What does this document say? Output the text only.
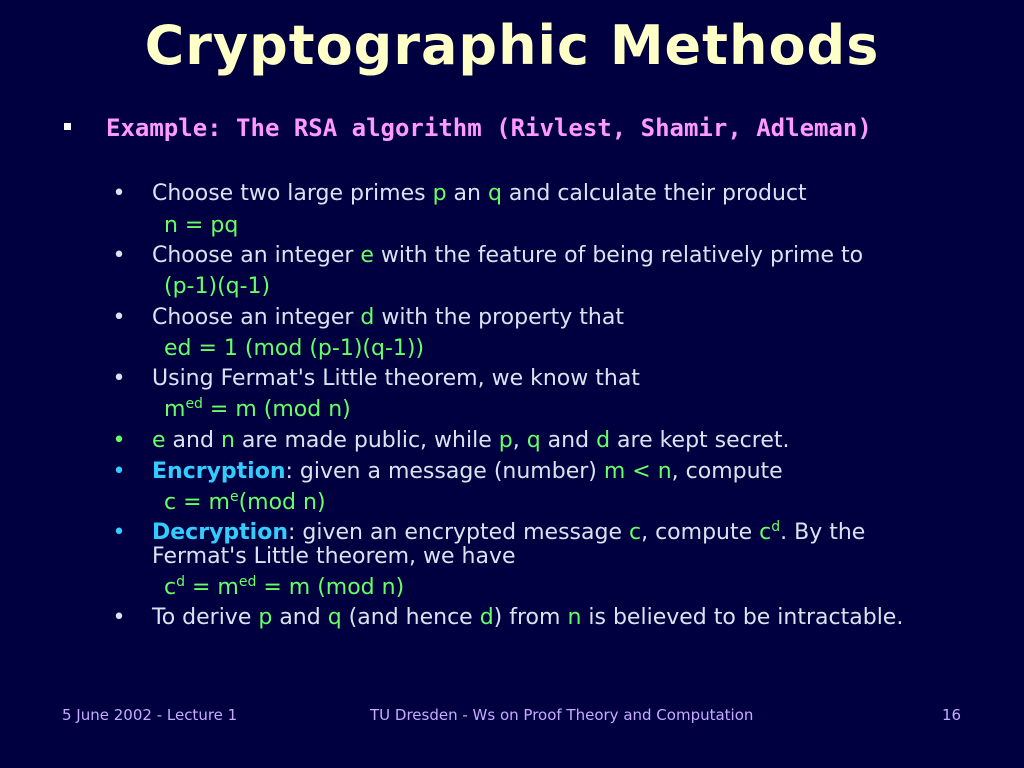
Cryptographic Methods
Example: The RSA algorithm (Rivlest, Shamir, Adleman)
• Choose two large primes p an q and calculate their product
n = pq
• Choose an integer e with the feature of being relatively prime to
(p-1)(q-1)
• Choose an integer d with the property that
ed = 1 (mod (p-1)(q-1))
• Using Fermat's Little theorem, we know that
$m^{ed} = m$ (mod n)
• e and n are made public, while p, q and d are kept secret.
• Encryption: given a message (number) m < n, compute
$c = m^e(mod$ n)
• Decryption: given an encrypted message c, compute $c^d$. By the
Fermat's Little theorem, we have
$c^d = m^{ed} = m$ (mod n)
• To derive p and q (and hence d) from n is believed to be intractable.
5 June 2002 - Lecture 1	TU Dresden - Ws on Proof Theory and Computation	16
